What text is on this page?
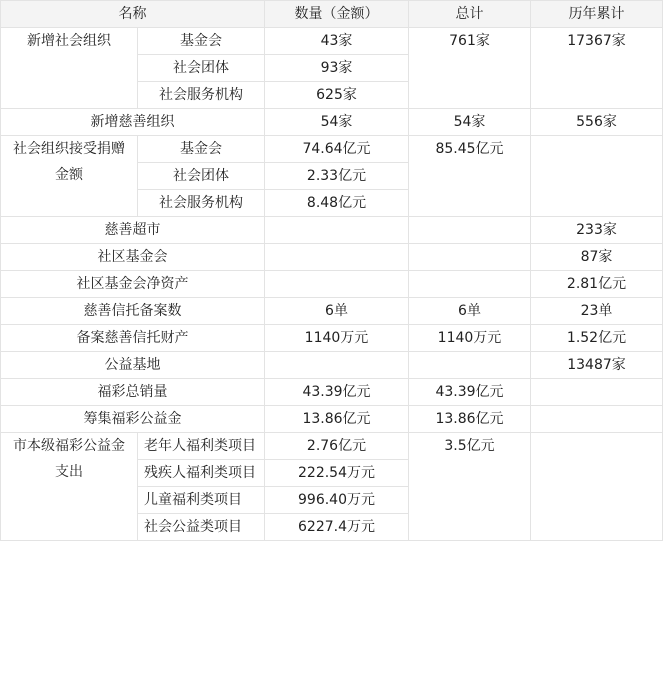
名称		数量（金额）	总计	历年累计
新增社会组织	基金会	43家	761家	17367家
	社会团体	93家		
	社会服务机构	625家		
新增慈善组织		54家	54家	556家
社会组织接受捐赠金额	基金会	74.64亿元	85.45亿元	
	社会团体	2.33亿元		
	社会服务机构	8.48亿元		
慈善超市				233家
社区基金会				87家
社区基金会净资产				2.81亿元
慈善信托备案数		6单	6单	23单
备案慈善信托财产		1140万元	1140万元	1.52亿元
公益基地				13487家
福彩总销量		43.39亿元	43.39亿元	
筹集福彩公益金		13.86亿元	13.86亿元	
市本级福彩公益金支出	老年人福利类项目	2.76亿元	3.5亿元	
	残疾人福利类项目	222.54万元		
	儿童福利类项目	996.40万元		
	社会公益类项目	6227.4万元		
